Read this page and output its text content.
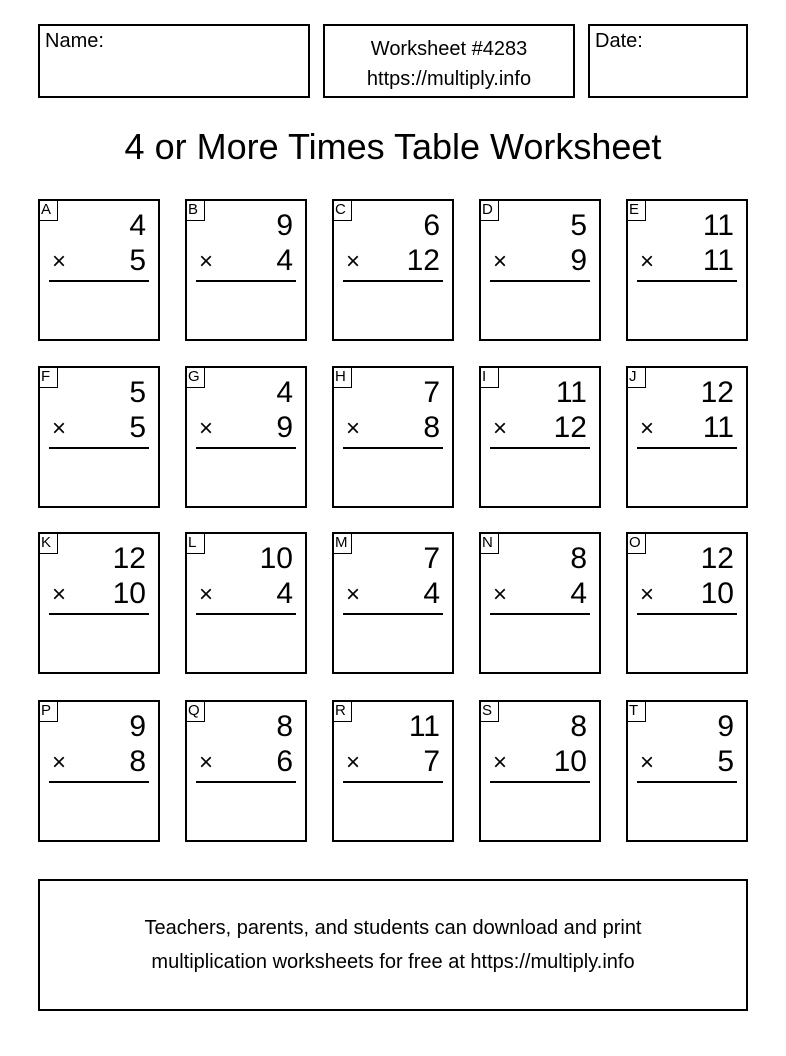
Name:	Worksheet #4283
https://multiply.info
Date:
4 or More Times Table Worksheet
A	4
× 5
B	9
× 4
C	6
× 12
D	5
× 9
E 11
× 11
F	5
× 5
G	4
× 9
H	7
× 8
I	11
× 12
J	12
× 11
K 12
× 10
L 10
× 4
M	7
× 4
N	8
× 4
O 12
× 10
P	9
× 8
Q	8
× 6
R 11
× 7
S	8
× 10
T	9
× 5
Teachers, parents, and students can download and print
multiplication worksheets for free at https://multiply.info
